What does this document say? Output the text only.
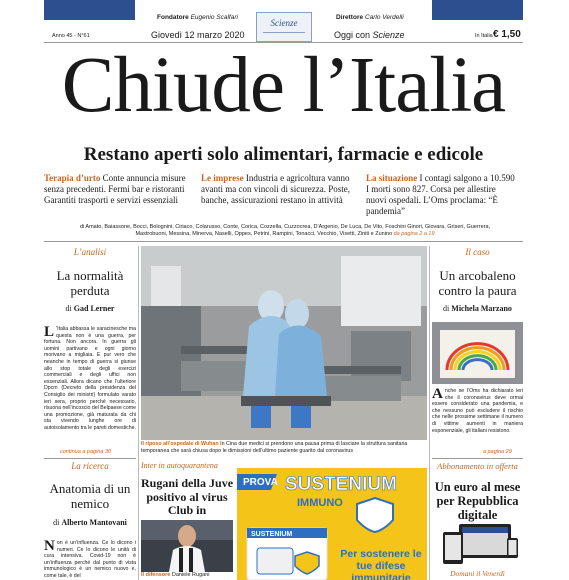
Fondatore Eugenio Scalfari
Scienze
Direttore Carlo Verdelli
Anno 45 - N°61	Giovedì 12 marzo 2020	Oggi con Scienze	In Italia € 1,50
Chiude l’Italia
Restano aperti solo alimentari, farmacie e edicole
Terapia d’urto Conte annuncia misure senza precedenti. Fermi bar e ristoranti Garantiti trasporti e servizi essenziali
Le imprese Industria e agricoltura vanno avanti ma con vincoli di sicurezza. Poste, banche, assicurazioni restano in attività
La situazione I contagi salgono a 10.590 I morti sono 827. Corsa per allestire nuovi ospedali. L’Oms proclama: “È pandemia”
di Amato, Baiassone, Bocci, Bolognini, Ciriaco, Colarusso, Conte, Corica, Cozzella, Cuzzocrea, D’Argenio, De Luca, De Vito, Foschini Ginori, Giovara, Griseri, Guerrera, Mastrobuoni, Messina, Minerva, Naselli, Oppes, Petrini, Rampini, Tonacci, Vecchio, Visetti, Ziniti e Zunino da pagina 2 a 19
L’analisi
La normalità perduta
di Gad Lerner
L ’Italia abbassa le saracinesche ma questa non è una guerra, per fortuna. Non ancora. In guerra gli uomini partivano e ogni giorno morivano a migliaia. E pur vero che neanche in tempo di guerra si giunse allo stop totale degli esercizi commerciali e degli uffici non essenziali. Allora dicano che l’ulteriore Dpcm (Decreto della presidenza del Consiglio dei ministri) formulato varato ieri sera, proprio perché necessario, risuona nell’incoscio del Belpaese come una promozione, già maturata da chi sta vivendo lunghe ore di autoisolamento tra le pareti domestiche.
continua a pagina 30
La ricerca
Anatomia di un nemico
di Alberto Mantovani
Non è un’influenza. Ce lo dicono i numeri. Ce lo dicono le unità di cura intensiva. Covid-19 non è un’influenza perché dal punto di vista immunologico è un nemico nuovo e, come tale, è del
Il riposo all’ospedale di Wuhan In Cina due medici si prendono una pausa prima di lasciare la struttura sanitaria temporanea che sarà chiusa dopo le dimissioni dell’ultimo paziente guarito dal coronavirus
Il caso
Un arcobaleno contro la paura
di Michela Marzano
Anche se l’Oms ha dichiarato ieri che il coronavirus deve ormai essere considerato una pandemia, e che nessuno può escludere il rischio che nelle prossime settimane il numero di vittime aumenti in maniera esponenziale, gli italiani resistono.
a pagina 29
Abbonamento in offerta
Un euro al mese per Repubblica digitale
Domani il Venerdì
Inter in autoquarantena
Rugani della Juve positivo al virus Club in
Il difensore Daniele Rugani
PROVA SUSTENIUM
IMMUNO
SUSTENIUM
Per sostenere le tue difese immunitarie
